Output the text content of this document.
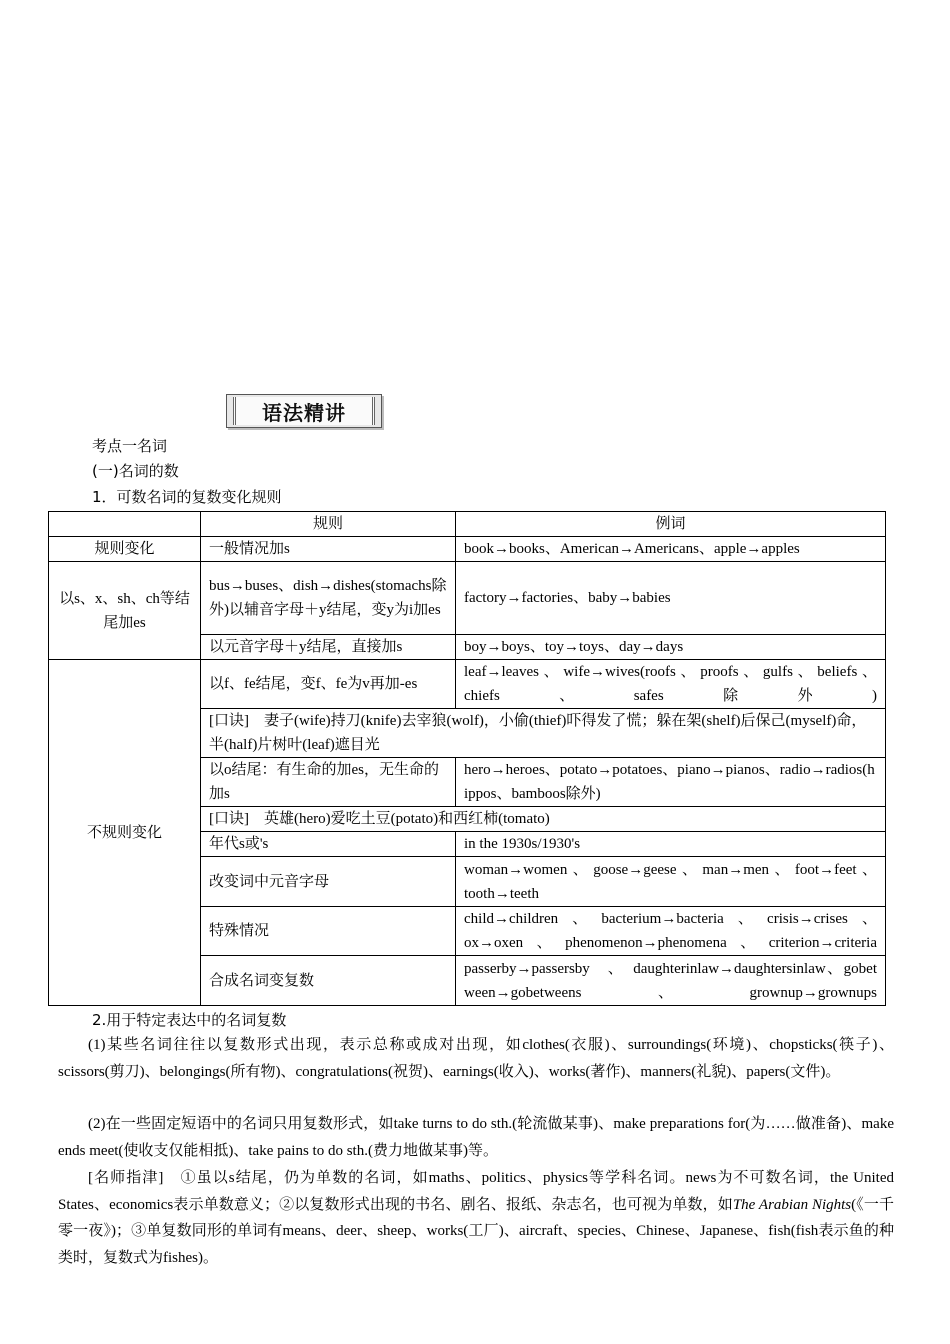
语法精讲
考点一名词
(一)名词的数
1．可数名词的复数变化规则
	规则	例词
规则变化	一般情况加s	book→books、American→Americans、apple→apples
以s、x、sh、ch等结尾加es	bus→buses、dish→dishes(stomachs除外)以辅音字母＋y结尾，变y为i加es	factory→factories、baby→babies
	以元音字母＋y结尾，直接加s	boy→boys、toy→toys、day→days
不规则变化	以f、fe结尾，变f、fe为v再加-es	leaf→leaves、wife→wives(roofs、proofs、gulfs、beliefs、chiefs、safes除外)
	[口诀]　妻子(wife)持刀(knife)去宰狼(wolf)，小偷(thief)吓得发了慌；躲在架(shelf)后保己(myself)命，半(half)片树叶(leaf)遮目光	
	以o结尾：有生命的加es，无生命的加s	hero→heroes、potato→potatoes、piano→pianos、radio→radios(hippos、bamboos除外)
	[口诀]　英雄(hero)爱吃土豆(potato)和西红柿(tomato)	
	年代s或's	in the 1930s/1930's
	改变词中元音字母	woman→women、goose→geese、man→men、foot→feet、tooth→teeth
	特殊情况	child→children、bacterium→bacteria、crisis→crises、ox→oxen、phenomenon→phenomena、criterion→criteria
	合成名词变复数	passerby→passersby　、　daughterinlaw→daughtersinlaw、gobetween→gobetweens、grownup→grownups
2.用于特定表达中的名词复数
(1)某些名词往往以复数形式出现，表示总称或成对出现，如clothes(衣服)、surroundings(环境)、chopsticks(筷子)、scissors(剪刀)、belongings(所有物)、congratulations(祝贺)、earnings(收入)、works(著作)、manners(礼貌)、papers(文件)。
(2)在一些固定短语中的名词只用复数形式，如take turns to do sth.(轮流做某事)、make preparations for(为……做准备)、make ends meet(使收支仅能相抵)、take pains to do sth.(费力地做某事)等。
[名师指津]　 ①虽以s结尾，仍为单数的名词，如maths、politics、physics等学科名词。news为不可数名词，the United States、economics表示单数意义；②以复数形式出现的书名、剧名、报纸、杂志名，也可视为单数，如The Arabian Nights(《一千零一夜》)；③单复数同形的单词有means、deer、sheep、works(工厂)、aircraft、species、Chinese、Japanese、fish(fish表示鱼的种类时，复数式为fishes)。
